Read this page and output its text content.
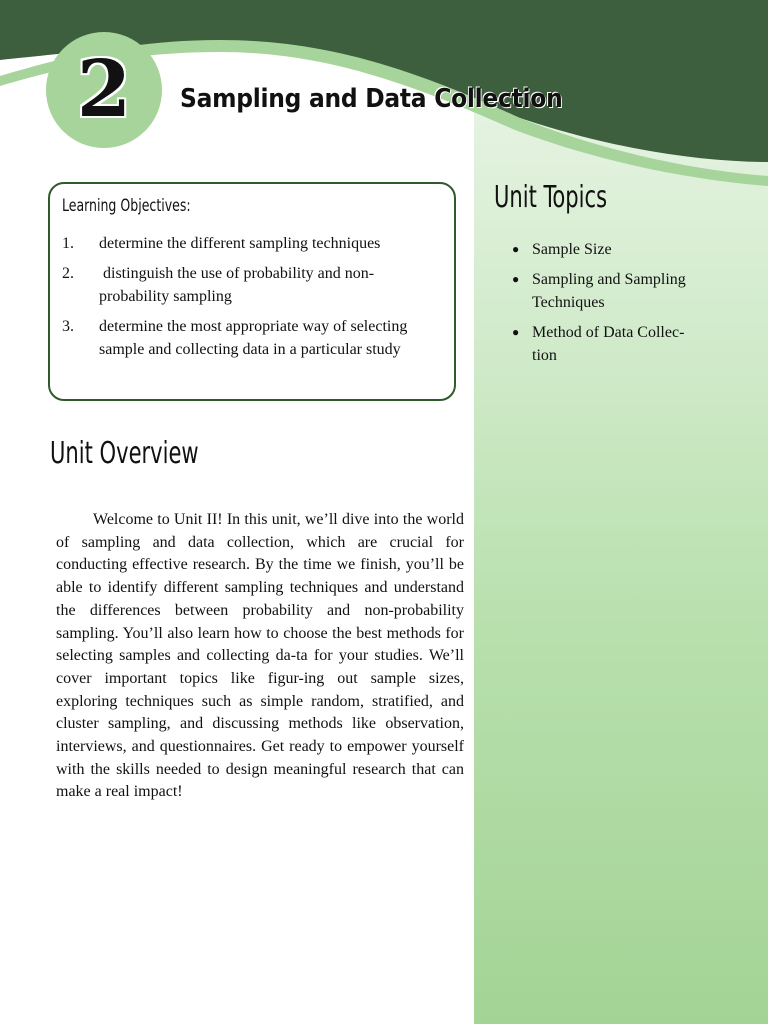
2	Sampling and Data Collection
Learning Objectives:
1.	determine the different sampling techniques
2.	distinguish the use of probability and non-probability sampling
3.	determine the most appropriate way of selecting sample and collecting data in a particular study
Unit Topics
● Sample Size
● Sampling and Sampling Techniques
● Method of Data Collec-tion
Unit Overview

Welcome to Unit II! In this unit, we’ll dive into the world of sampling and data collection, which are crucial for conducting effective research. By the time we finish, you’ll be able to identify different sampling techniques and understand the differences between probability and non-probability sampling. You’ll also learn how to choose the best methods for selecting samples and collecting da-ta for your studies. We’ll cover important topics like figur-ing out sample sizes, exploring techniques such as simple random, stratified, and cluster sampling, and discussing methods like observation, interviews, and questionnaires. Get ready to empower yourself with the skills needed to design meaningful research that can make a real impact!
